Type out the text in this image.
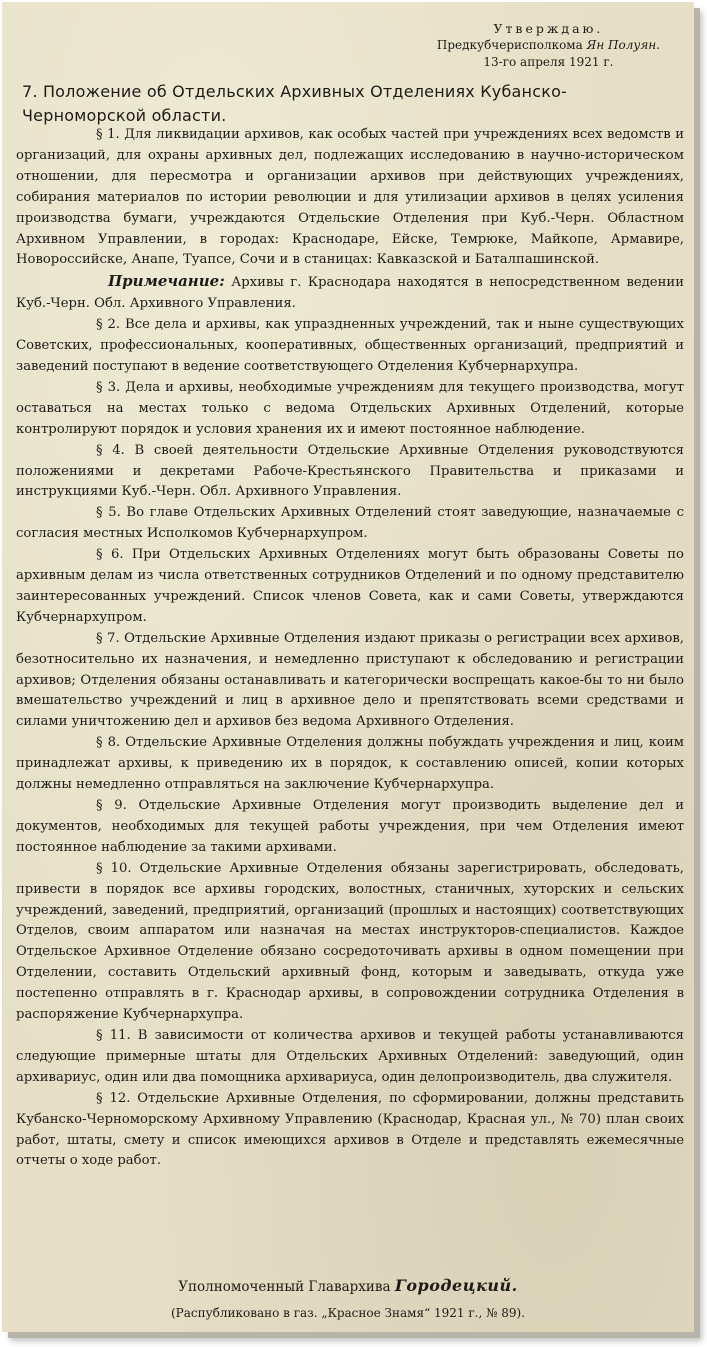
Утверждаю.
Предкубчерисполкома Ян Полуян.
13-го апреля 1921 г.
7. Положение об Отдельских Архивных Отделениях Кубанско-Черноморской области.

§ 1. Для ликвидации архивов, как особых частей при учреждениях всех ведомств и организаций, для охраны архивных дел, подлежащих исследованию в научно-историческом отношении, для пересмотра и организации архивов при действующих учреждениях, собирания материалов по истории революции и для утилизации архивов в целях усиления производства бумаги, учреждаются Отдельские Отделения при Куб.-Черн. Областном Архивном Управлении, в городах: Краснодаре, Ейске, Темрюке, Майкопе, Армавире, Новороссийске, Анапе, Туапсе, Сочи и в станицах: Кавказской и Баталпашинской.

Примечание: Архивы г. Краснодара находятся в непосредственном ведении Куб.-Черн. Обл. Архивного Управления.

§ 2. Все дела и архивы, как упраздненных учреждений, так и ныне существующих Советских, профессиональных, кооперативных, общественных организаций, предприятий и заведений поступают в ведение соответствующего Отделения Кубчернархупра.

§ 3. Дела и архивы, необходимые учреждениям для текущего производства, могут оставаться на местах только с ведома Отдельских Архивных Отделений, которые контролируют порядок и условия хранения их и имеют постоянное наблюдение.

§ 4. В своей деятельности Отдельские Архивные Отделения руководствуются положениями и декретами Рабоче-Крестьянского Правительства и приказами и инструкциями Куб.-Черн. Обл. Архивного Управления.

§ 5. Во главе Отдельских Архивных Отделений стоят заведующие, назначаемые с согласия местных Исполкомов Кубчернархупром.

§ 6. При Отдельских Архивных Отделениях могут быть образованы Советы по архивным делам из числа ответственных сотрудников Отделений и по одному представителю заинтересованных учреждений. Список членов Совета, как и сами Советы, утверждаются Кубчернархупром.

§ 7. Отдельские Архивные Отделения издают приказы о регистрации всех архивов, безотносительно их назначения, и немедленно приступают к обследованию и регистрации архивов; Отделения обязаны останавливать и категорически воспрещать какое-бы то ни было вмешательство учреждений и лиц в архивное дело и препятствовать всеми средствами и силами уничтожению дел и архивов без ведома Архивного Отделения.

§ 8. Отдельские Архивные Отделения должны побуждать учреждения и лиц, коим принадлежат архивы, к приведению их в порядок, к составлению описей, копии которых должны немедленно отправляться на заключение Кубчернархупра.

§ 9. Отдельские Архивные Отделения могут производить выделение дел и документов, необходимых для текущей работы учреждения, при чем Отделения имеют постоянное наблюдение за такими архивами.

§ 10. Отдельские Архивные Отделения обязаны зарегистрировать, обследовать, привести в порядок все архивы городских, волостных, станичных, хуторских и сельских учреждений, заведений, предприятий, организаций (прошлых и настоящих) соответствующих Отделов, своим аппаратом или назначая на местах инструкторов-специалистов. Каждое Отдельское Архивное Отделение обязано сосредоточивать архивы в одном помещении при Отделении, составить Отдельский архивный фонд, которым и заведывать, откуда уже постепенно отправлять в г. Краснодар архивы, в сопровождении сотрудника Отделения в распоряжение Кубчернархупра.

§ 11. В зависимости от количества архивов и текущей работы устанавливаются следующие примерные штаты для Отдельских Архивных Отделений: заведующий, один архивариус, один или два помощника архивариуса, один делопроизводитель, два служителя.

§ 12. Отдельские Архивные Отделения, по сформировании, должны представить Кубанско-Черноморскому Архивному Управлению (Краснодар, Красная ул., № 70) план своих работ, штаты, смету и список имеющихся архивов в Отделе и представлять ежемесячные отчеты о ходе работ.

Уполномоченный Главархива Городецкий.
(Распубликовано в газ. „Красное Знамя“ 1921 г., № 89).
